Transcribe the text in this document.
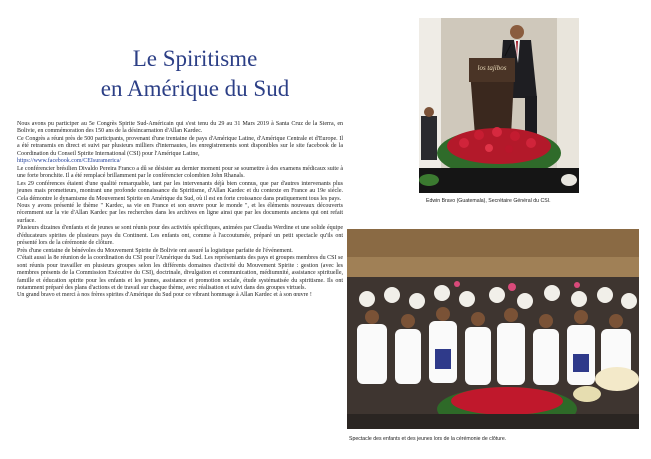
Le Spiritisme
en Amérique du Sud

Nous avons pu participer au 5e Congrès Spirite Sud-Américain qui s'est tenu du 29 au 31 Mars 2019 à Santa Cruz de la Sierra, en Bolivie, en commémoration des 150 ans de la désincarnation d'Allan Kardec.

Ce Congrès a réuni près de 500 participants, provenant d'une trentaine de pays d'Amérique Latine, d'Amérique Centrale et d'Europe. Il a été retransmis en direct et suivi par plusieurs milliers d'internautes, les enregistrements sont disponibles sur le site facebook de la Coordination du Conseil Spirite International (CSI) pour l'Amérique Latine,

https://www.facebook.com/CEIsuramerica/

Le conférencier brésilien Divaldo Pereira Franco a dû se désister au dernier moment pour se soumettre à des examens médicaux suite à une forte bronchite. Il a été remplacé brillamment par le conférencier colombien John Rhanals.

Les 29 conférences étaient d'une qualité remarquable, tant par les intervenants déjà bien connus, que par d'autres intervenants plus jeunes mais prometteurs, montrant une profonde connaissance du Spiritisme, d'Allan Kardec et du contexte en France au 19e siècle. Cela démontre le dynamisme du Mouvement Spirite en Amérique du Sud, où il est en forte croissance dans pratiquement tous les pays.

Nous y avons présenté le thème " Kardec, sa vie en France et son œuvre pour le monde ", et les éléments nouveaux découverts récemment sur la vie d'Allan Kardec par les recherches dans les archives en ligne ainsi que par les documents anciens qui ont refait surface.

Plusieurs dizaines d'enfants et de jeunes se sont réunis pour des activités spécifiques, animées par Claudia Werdine et une solide équipe d'éducateurs spirites de plusieurs pays du Continent. Les enfants ont, comme à l'accoutumée, préparé un petit spectacle qu'ils ont présenté lors de la cérémonie de clôture.

Près d'une centaine de bénévoles du Mouvement Spirite de Bolivie ont assuré la logistique parfaite de l'événement.

C'était aussi la 8e réunion de la coordination du CSI pour l'Amérique du Sud. Les représentants des pays et groupes membres du CSI se sont réunis pour travailler en plusieurs groupes selon les différents domaines d'activité du Mouvement Spirite : gestion (avec les membres présents de la Commission Exécutive du CSI), doctrinale, divulgation et communication, médiumnité, assistance spirituelle, famille et éducation spirite pour les enfants et les jeunes, assistance et promotion sociale, étude systématisée du spiritisme. Ils ont notamment préparé des plans d'actions et de travail sur chaque thème, avec réalisation et suivi dans des groupes virtuels.

Un grand bravo et merci à nos frères spirites d'Amérique du Sud pour ce vibrant hommage à Allan Kardec et à son œuvre !

los tajibos
Edwin Bravo (Guatemala), Secrétaire Général du CSI.
Spectacle des enfants et des jeunes lors de la cérémonie de clôture.
